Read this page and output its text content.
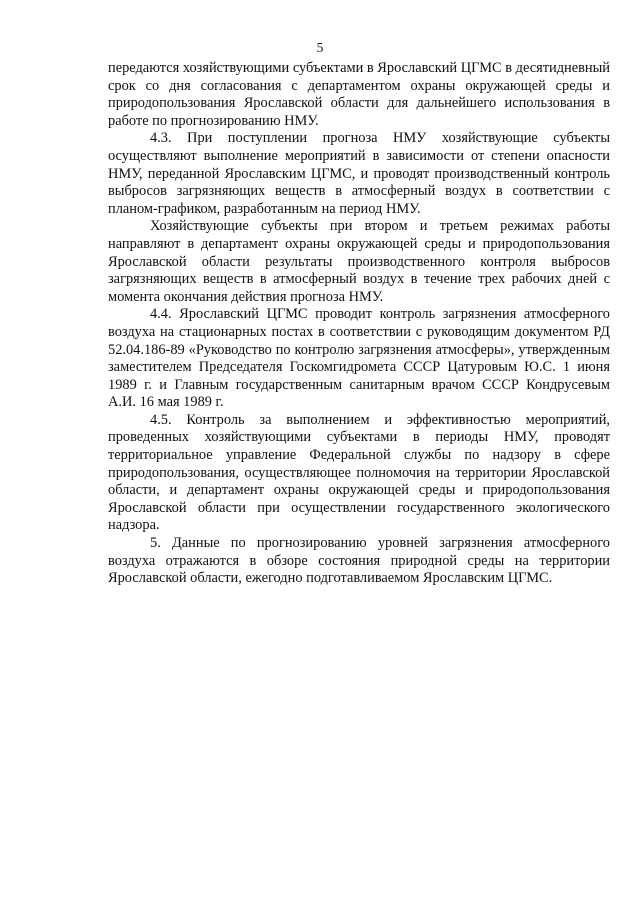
5

передаются хозяйствующими субъектами в Ярославский ЦГМС в десятидневный срок со дня согласования с департаментом охраны окружающей среды и природопользования Ярославской области для дальнейшего использования в работе по прогнозированию НМУ.

4.3. При поступлении прогноза НМУ хозяйствующие субъекты осуществляют выполнение мероприятий в зависимости от степени опасности НМУ, переданной Ярославским ЦГМС, и проводят производственный контроль выбросов загрязняющих веществ в атмосферный воздух в соответствии с планом-графиком, разработанным на период НМУ.

Хозяйствующие субъекты при втором и третьем режимах работы направляют в департамент охраны окружающей среды и природопользования Ярославской области результаты производственного контроля выбросов загрязняющих веществ в атмосферный воздух в течение трех рабочих дней с момента окончания действия прогноза НМУ.

4.4. Ярославский ЦГМС проводит контроль загрязнения атмосферного воздуха на стационарных постах в соответствии с руководящим документом РД 52.04.186-89 «Руководство по контролю загрязнения атмосферы», утвержденным заместителем Председателя Госкомгидромета СССР Цатуровым Ю.С. 1 июня 1989 г. и Главным государственным санитарным врачом СССР Кондрусевым А.И. 16 мая 1989 г.

4.5. Контроль за выполнением и эффективностью мероприятий, проведенных хозяйствующими субъектами в периоды НМУ, проводят территориальное управление Федеральной службы по надзору в сфере природопользования, осуществляющее полномочия на территории Ярославской области, и департамент охраны окружающей среды и природопользования Ярославской области при осуществлении государственного экологического надзора.

5. Данные по прогнозированию уровней загрязнения атмосферного воздуха отражаются в обзоре состояния природной среды на территории Ярославской области, ежегодно подготавливаемом Ярославским ЦГМС.
